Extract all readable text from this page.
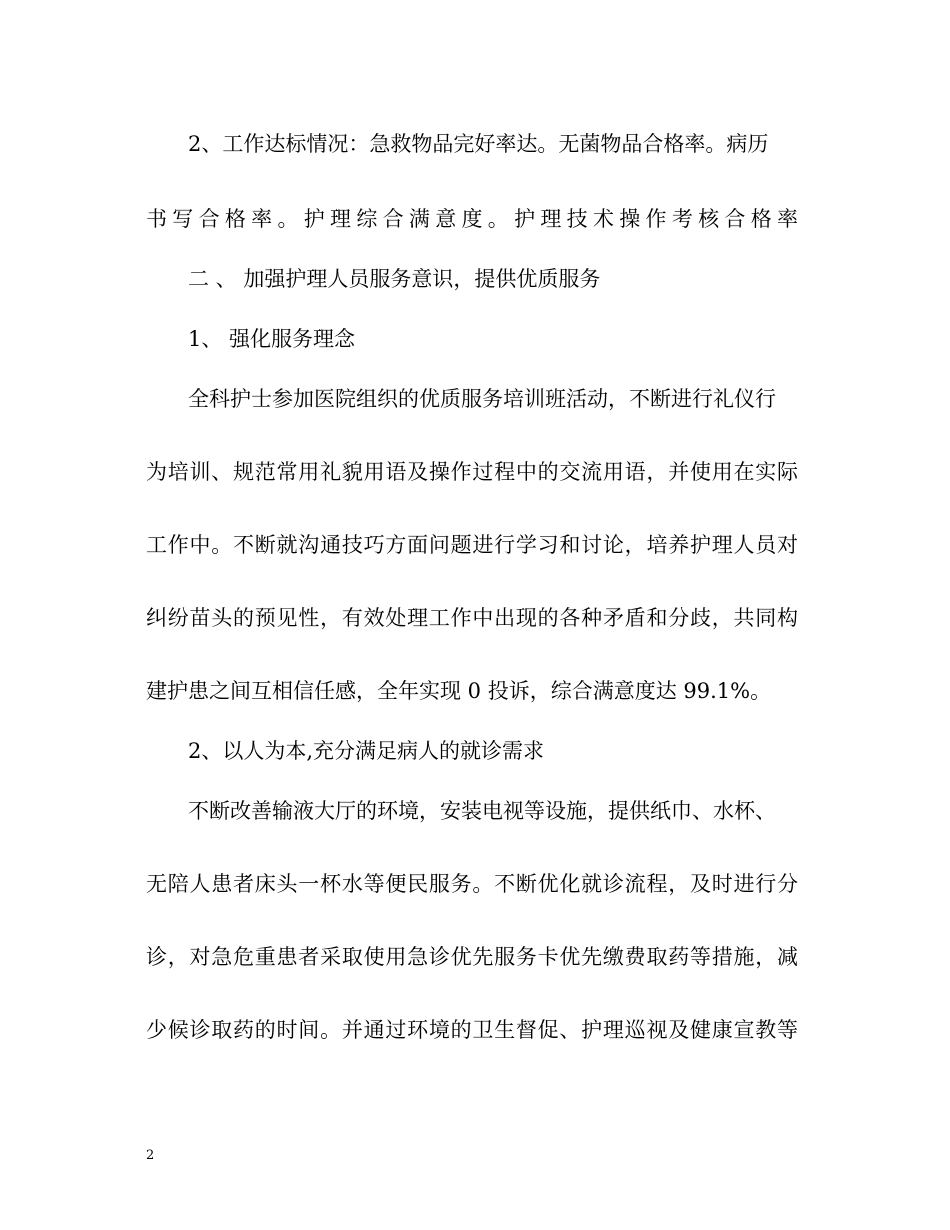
2、工作达标情况：急救物品完好率达。无菌物品合格率。病历
书写合格率。护理综合满意度。护理技术操作考核合格率
二 、 加强护理人员服务意识，提供优质服务
1、 强化服务理念
全科护士参加医院组织的优质服务培训班活动，不断进行礼仪行
为培训、规范常用礼貌用语及操作过程中的交流用语，并使用在实际
工作中。不断就沟通技巧方面问题进行学习和讨论，培养护理人员对
纠纷苗头的预见性，有效处理工作中出现的各种矛盾和分歧，共同构
建护患之间互相信任感，全年实现 0 投诉，综合满意度达 99.1%。
2、以人为本,充分满足病人的就诊需求
不断改善输液大厅的环境，安装电视等设施，提供纸巾、水杯、
无陪人患者床头一杯水等便民服务。不断优化就诊流程，及时进行分
诊，对急危重患者采取使用急诊优先服务卡优先缴费取药等措施，减
少候诊取药的时间。并通过环境的卫生督促、护理巡视及健康宣教等
2
